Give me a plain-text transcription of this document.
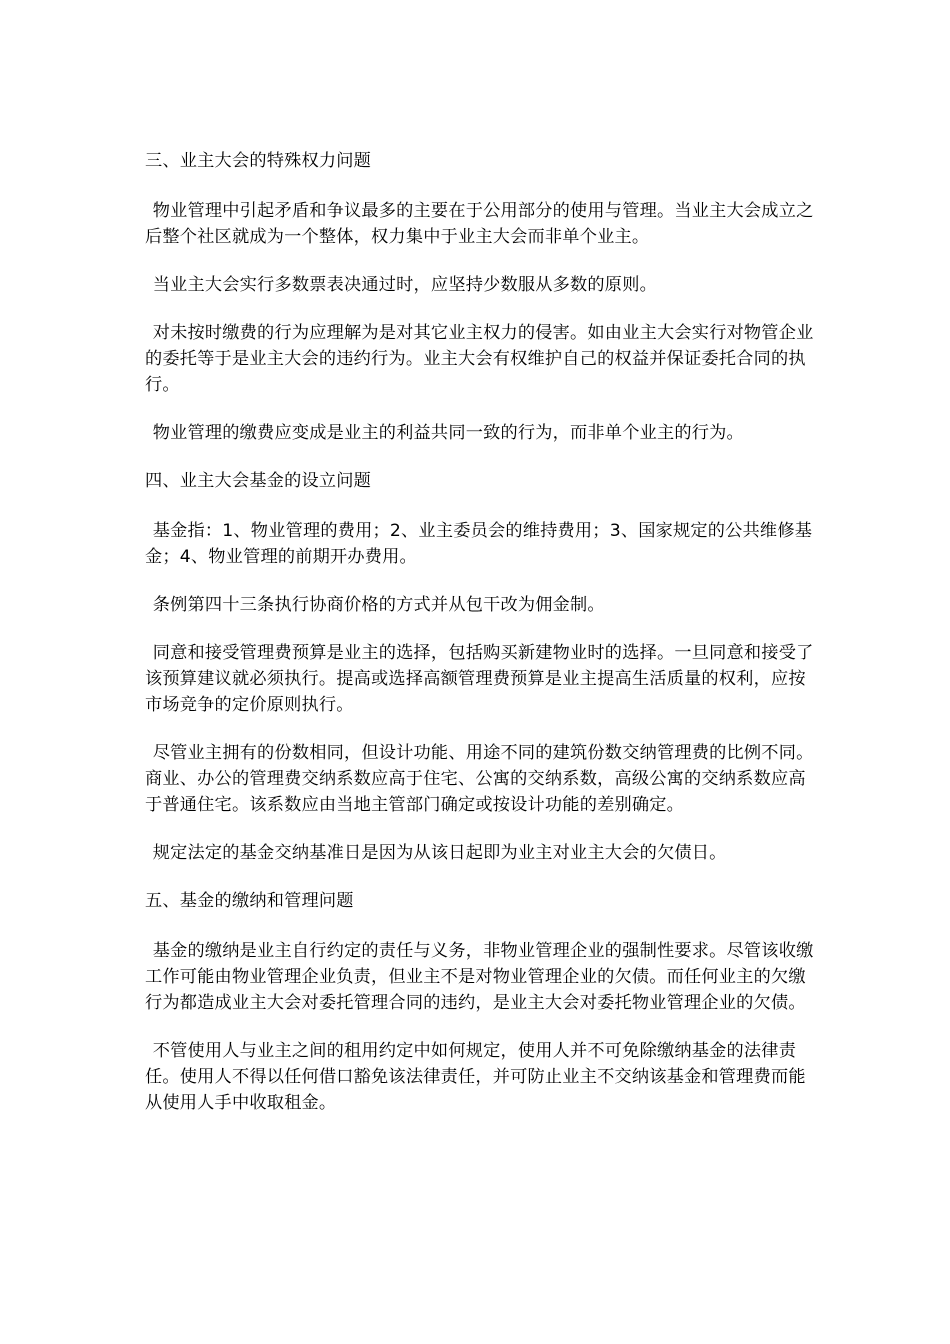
三、业主大会的特殊权力问题

物业管理中引起矛盾和争议最多的主要在于公用部分的使用与管理。当业主大会成立之后整个社区就成为一个整体，权力集中于业主大会而非单个业主。

当业主大会实行多数票表决通过时，应坚持少数服从多数的原则。

对未按时缴费的行为应理解为是对其它业主权力的侵害。如由业主大会实行对物管企业的委托等于是业主大会的违约行为。业主大会有权维护自己的权益并保证委托合同的执行。

物业管理的缴费应变成是业主的利益共同一致的行为，而非单个业主的行为。

四、业主大会基金的设立问题

基金指：1、物业管理的费用；2、业主委员会的维持费用；3、国家规定的公共维修基金；4、物业管理的前期开办费用。

条例第四十三条执行协商价格的方式并从包干改为佣金制。

同意和接受管理费预算是业主的选择，包括购买新建物业时的选择。一旦同意和接受了该预算建议就必须执行。提高或选择高额管理费预算是业主提高生活质量的权利，应按市场竞争的定价原则执行。

尽管业主拥有的份数相同，但设计功能、用途不同的建筑份数交纳管理费的比例不同。商业、办公的管理费交纳系数应高于住宅、公寓的交纳系数，高级公寓的交纳系数应高于普通住宅。该系数应由当地主管部门确定或按设计功能的差别确定。

规定法定的基金交纳基准日是因为从该日起即为业主对业主大会的欠债日。

五、基金的缴纳和管理问题

基金的缴纳是业主自行约定的责任与义务，非物业管理企业的强制性要求。尽管该收缴工作可能由物业管理企业负责，但业主不是对物业管理企业的欠债。而任何业主的欠缴行为都造成业主大会对委托管理合同的违约，是业主大会对委托物业管理企业的欠债。

不管使用人与业主之间的租用约定中如何规定，使用人并不可免除缴纳基金的法律责任。使用人不得以任何借口豁免该法律责任，并可防止业主不交纳该基金和管理费而能从使用人手中收取租金。
